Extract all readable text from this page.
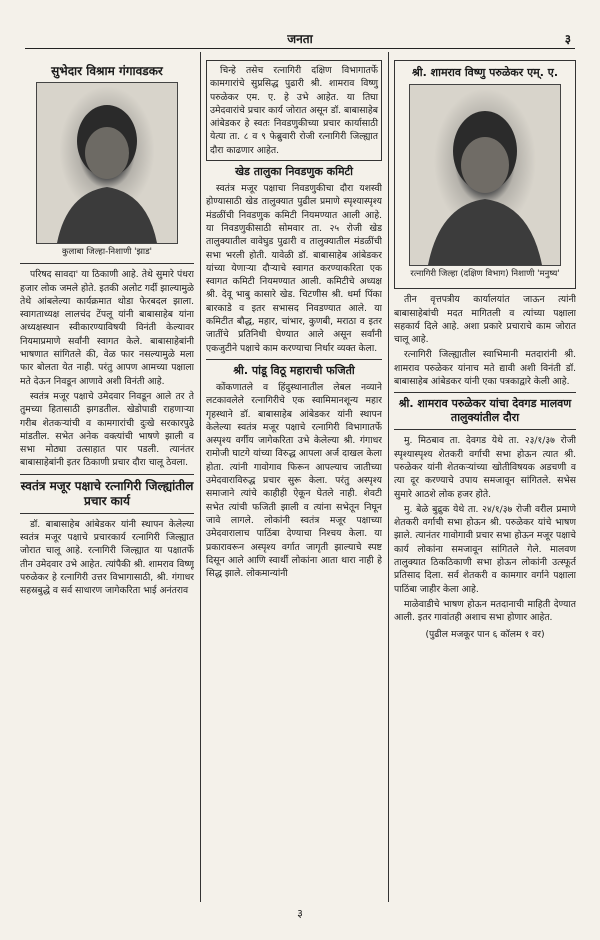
जनता	३
सुभेदार विश्राम गंगावडकर
कुलाबा जिल्हा-निशाणी 'झाड'

परिषद सावदा' या ठिकाणी आहे. तेथे सुमारे पंधरा हजार लोक जमले होते. इतकी अलोट गर्दी झाल्यामुळे तेथे आंबलेल्या कार्यक्रमात थोडा फेरबदल झाला. स्वागताध्यक्ष लालचंद टेंपलू यांनी बाबासाहेब यांना अध्यक्षस्थान स्वीकारण्याविषयी विनंती केल्यावर नियमाप्रमाणे सर्वांनी स्वागत केले. बाबासाहेबांनी भाषणात सांगितले की, वेळ फार नसल्यामुळे मला फार बोलता येत नाही. परंतु आपण आमच्या पक्षाला मते देऊन निवडून आणावे अशी विनंती आहे.

स्वतंत्र मजूर पक्षाचे उमेदवार निवडून आले तर ते तुमच्या हितासाठी झगडतील. खेडोपाडी राहणाऱ्या गरीब शेतकऱ्यांची व कामगारांची दुःखे सरकारपुढे मांडतील. सभेत अनेक वक्त्यांची भाषणे झाली व सभा मोठ्या उत्साहात पार पडली. त्यानंतर बाबासाहेबांनी इतर ठिकाणी प्रचार दौरा चालू ठेवला.

स्वतंत्र मजूर पक्षाचे रत्नागिरी जिल्ह्यांतील प्रचार कार्य

डॉ. बाबासाहेब आंबेडकर यांनी स्थापन केलेल्या स्वतंत्र मजूर पक्षाचे प्रचारकार्य रत्नागिरी जिल्ह्यात जोरात चालू आहे. रत्नागिरी जिल्ह्यात या पक्षातर्फे तीन उमेदवार उभे आहेत. त्यांपैकी श्री. शामराव विष्णू परुळेकर हे रत्नागिरी उत्तर विभागासाठी, श्री. गंगाधर सहस्रबुद्धे व सर्व साधारण जागेकरिता भाई अनंतराव

चिन्हे तसेच रत्नागिरी दक्षिण विभागातर्फे कामगारांचे सुप्रसिद्ध पुढारी श्री. शामराव विष्णु परुळेकर एम. ए. हे उभे आहेत. या तिघा उमेदवारांचे प्रचार कार्य जोरात असून डॉ. बाबासाहेब आंबेडकर हे स्वतः निवडणुकीच्या प्रचार कार्यासाठी येत्या ता. ८ व ९ फेब्रुवारी रोजी रत्नागिरी जिल्ह्यात दौरा काढणार आहेत.

खेड तालुका निवडणुक कमिटी

स्वतंत्र मजूर पक्षाचा निवडणुकीचा दौरा यशस्वी होण्यासाठी खेड तालुक्यात पुढील प्रमाणे स्पृश्यास्पृश्य मंडळींची निवडणुक कमिटी नियमण्यात आली आहे. या निवडणुकीसाठी सोमवार ता. २५ रोजी खेड तालुक्यातील वावेघुड पुढारी व तालुक्यातील मंडळींची सभा भरली होती. यावेळी डॉ. बाबासाहेब आंबेडकर यांच्या येणाऱ्या दौऱ्याचे स्वागत करण्याकरिता एक स्वागत कमिटी नियमण्यात आली. कमिटीचे अध्यक्ष श्री. देवू भाबु कासारे खेड. चिटणीस श्री. धर्मा पिंका बारकाडे व इतर सभासद निवडण्यात आले. या कमिटीत बौद्ध, महार, चांभार, कुणबी, मराठा व इतर जातींचे प्रतिनिधी घेण्यात आले असून सर्वांनी एकजुटीने पक्षाचे काम करण्याचा निर्धार व्यक्त केला.

श्री. पांडू विठू महाराची फजिती

कोंकणातले व हिंदुस्थानातील लेबल नव्याने लटकावलेले रत्नागिरीचे एक स्वामिमानशून्य महार गृहस्थाने डॉ. बाबासाहेब आंबेडकर यांनी स्थापन केलेल्या स्वतंत्र मजूर पक्षाचे रत्नागिरी विभागातर्फे अस्पृश्य वर्गीय जागेकरिता उभे केलेल्या श्री. गंगाधर रामोजी घाटगे यांच्या विरुद्ध आपला अर्ज दाखल केला होता. त्यांनी गावोगाव फिरून आपल्याच जातीच्या उमेदवाराविरुद्ध प्रचार सुरू केला. परंतु अस्पृश्य समाजाने त्यांचे काहीही ऐकून घेतले नाही. शेवटी सभेत त्यांची फजिती झाली व त्यांना सभेतून निघून जावे लागले. लोकांनी स्वतंत्र मजूर पक्षाच्या उमेदवारालाच पाठिंबा देण्याचा निश्चय केला. या प्रकारावरून अस्पृश्य वर्गात जागृती झाल्याचे स्पष्ट दिसून आले आणि स्वार्थी लोकांना आता थारा नाही हे सिद्ध झाले. लोकमान्यांनी

श्री. शामराव विष्णु परुळेकर एम्. ए.
रत्नागिरी जिल्हा (दक्षिण विभाग) निशाणी 'मनुष्य'

तीन वृत्तपत्रीय कार्यालयांत जाऊन त्यांनी बाबासाहेबांची मदत मागितली व त्यांच्या पक्षाला सहकार्य दिले आहे. अशा प्रकारे प्रचाराचे काम जोरात चालू आहे.

रत्नागिरी जिल्ह्यातील स्वाभिमानी मतदारांनी श्री. शामराव परुळेकर यांनाच मते द्यावी अशी विनंती डॉ. बाबासाहेब आंबेडकर यांनी एका पत्रकाद्वारे केली आहे.

श्री. शामराव परुळेकर यांचा देवगड मालवण तालुक्यांतील दौरा

मु. मिठबाव ता. देवगड येथे ता. २३/१/३७ रोजी स्पृश्यास्पृश्य शेतकरी वर्गाची सभा होऊन त्यात श्री. परुळेकर यांनी शेतकऱ्यांच्या खोतीविषयक अडचणी व त्या दूर करण्याचे उपाय समजावून सांगितले. सभेस सुमारे आठशे लोक हजर होते.

मु. बेळे बुद्रुक येथे ता. २४/१/३७ रोजी वरील प्रमाणे शेतकरी वर्गाची सभा होऊन श्री. परुळेकर यांचे भाषण झाले. त्यानंतर गावोगावी प्रचार सभा होऊन मजूर पक्षाचे कार्य लोकांना समजावून सांगितले गेले. मालवण तालुक्यात ठिकठिकाणी सभा होऊन लोकांनी उत्स्फूर्त प्रतिसाद दिला. सर्व शेतकरी व कामगार वर्गाने पक्षाला पाठिंबा जाहीर केला आहे.

माळेवाडीचे भाषण होऊन मतदानाची माहिती देण्यात आली. इतर गावांतही अशाच सभा होणार आहेत.

(पुढील मजकूर पान ६ कॉलम १ वर)
३
